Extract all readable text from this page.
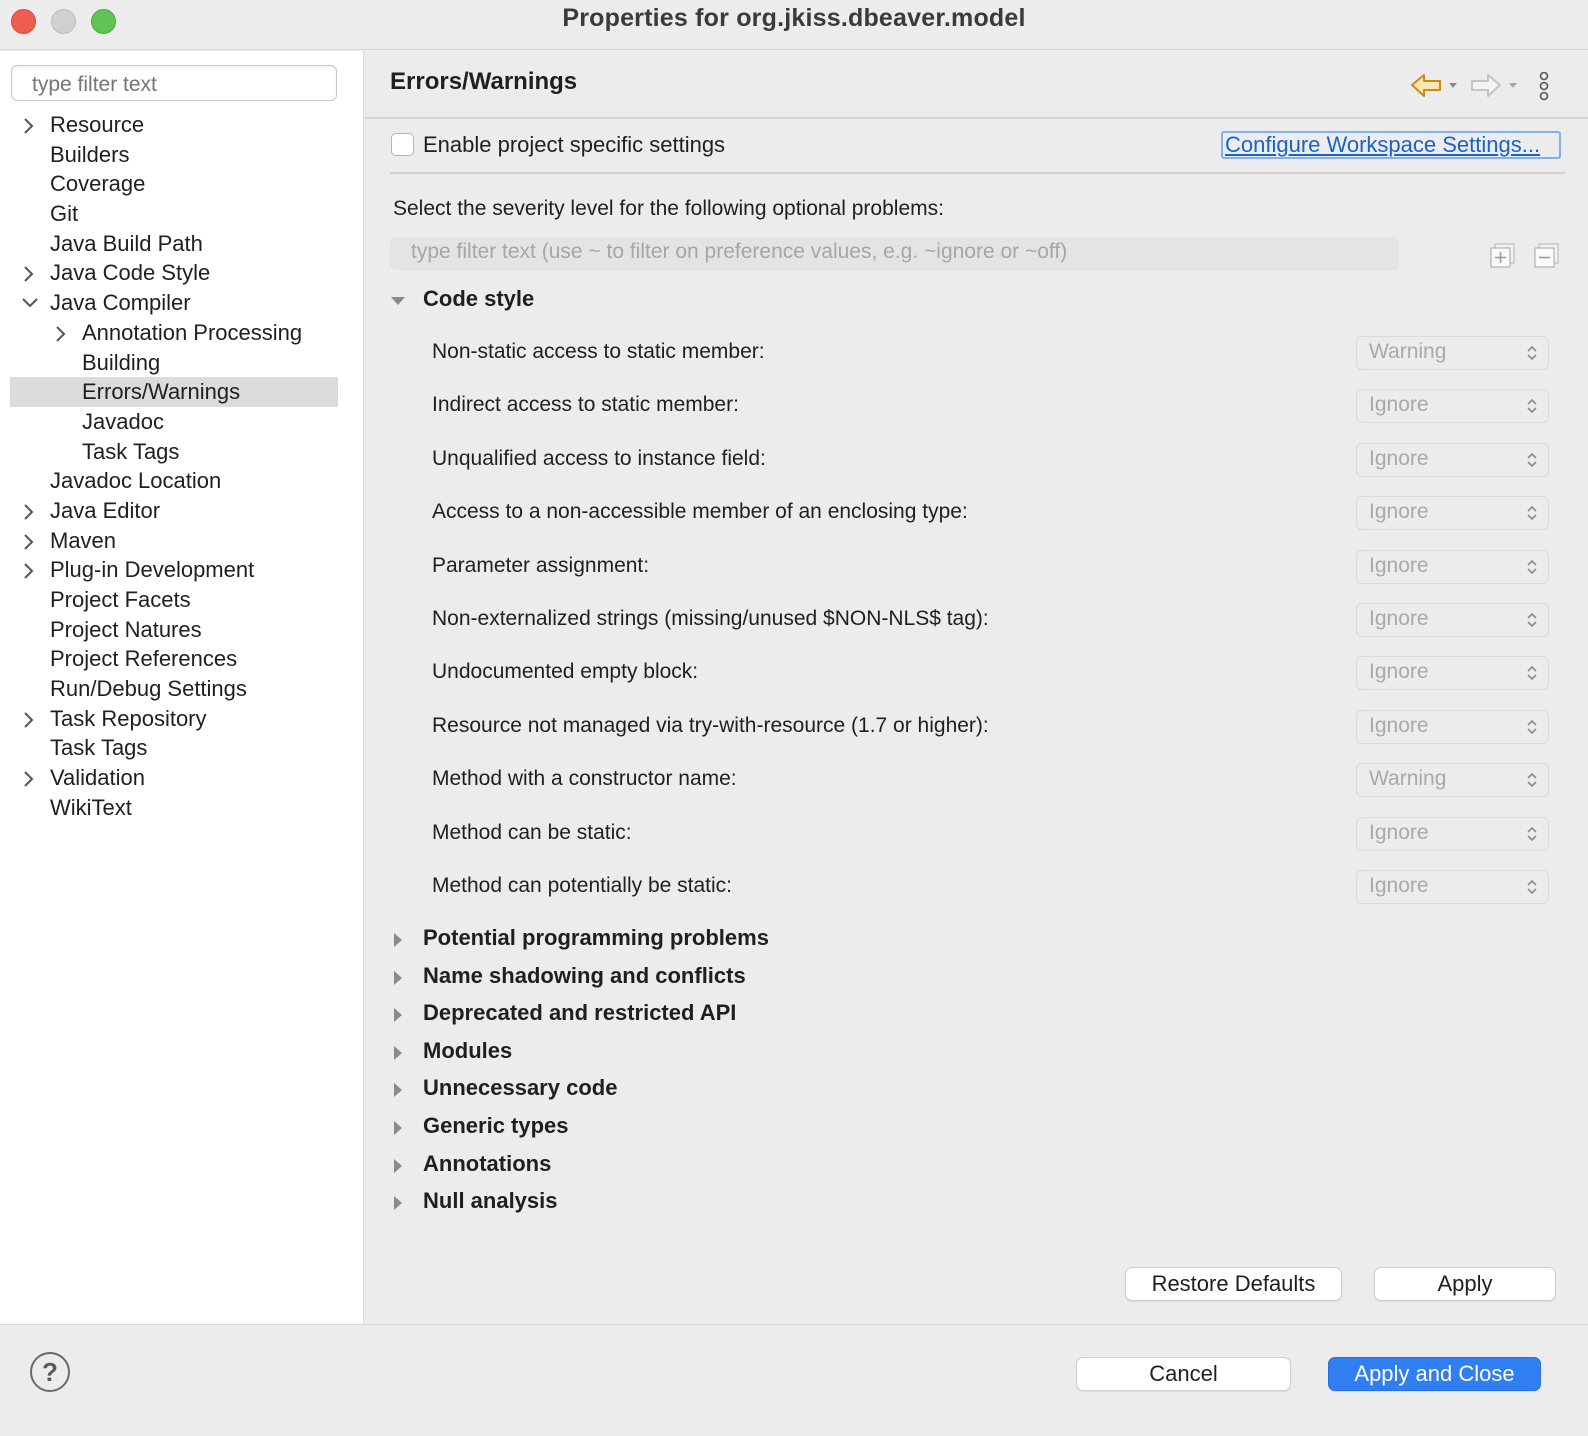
Properties for org.jkiss.dbeaver.model
type filter text
Resource
Builders
Coverage
Git
Java Build Path
Java Code Style
Java Compiler
Annotation Processing
Building
Errors/Warnings
Javadoc
Task Tags
Javadoc Location
Java Editor
Maven
Plug-in Development
Project Facets
Project Natures
Project References
Run/Debug Settings
Task Repository
Task Tags
Validation
WikiText
Errors/Warnings
Enable project specific settings	Configure Workspace Settings...
Select the severity level for the following optional problems:
type filter text (use ~ to filter on preference values, e.g. ~ignore or ~off)
Code style
Non-static access to static member:	Warning
Indirect access to static member:	Ignore
Unqualified access to instance field:	Ignore
Access to a non-accessible member of an enclosing type:	Ignore
Parameter assignment:	Ignore
Non-externalized strings (missing/unused $NON-NLS$ tag):	Ignore
Undocumented empty block:	Ignore
Resource not managed via try-with-resource (1.7 or higher):	Ignore
Method with a constructor name:	Warning
Method can be static:	Ignore
Method can potentially be static:	Ignore
Potential programming problems
Name shadowing and conflicts
Deprecated and restricted API
Modules
Unnecessary code
Generic types
Annotations
Null analysis
Restore Defaults	Apply
?	Cancel	Apply and Close
